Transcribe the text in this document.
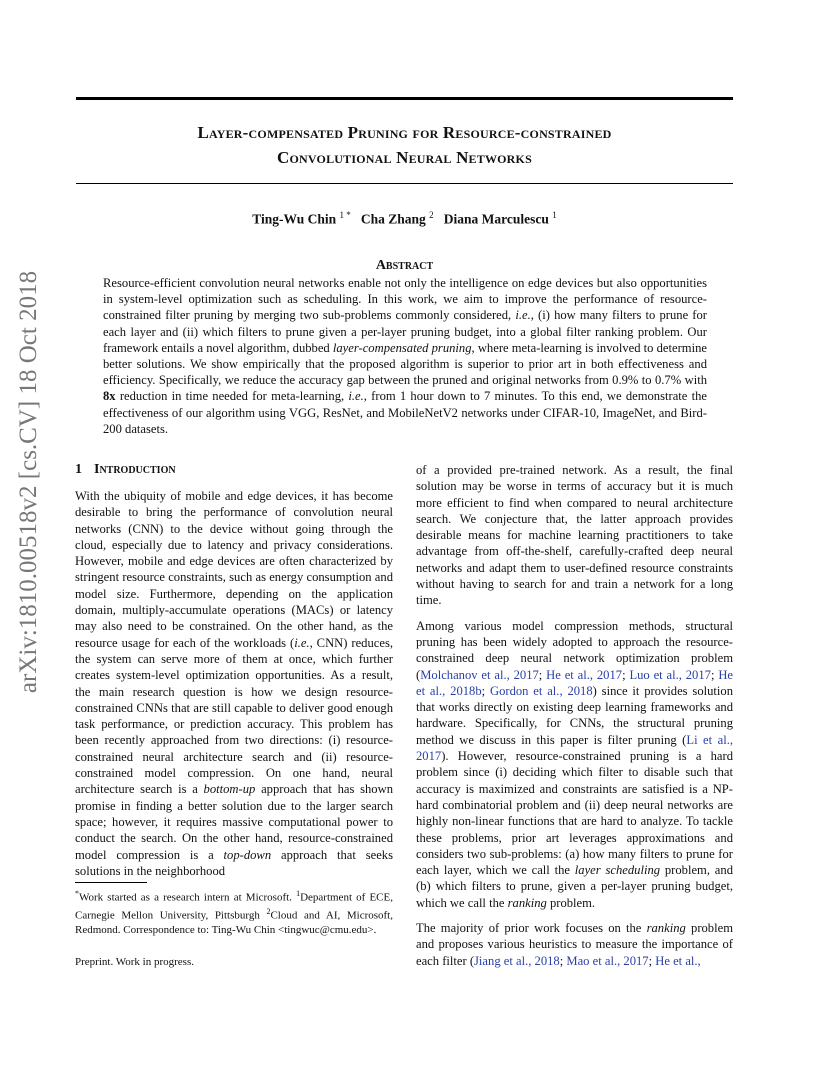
Layer-compensated Pruning for Resource-constrained
Convolutional Neural Networks
Ting-Wu Chin $^{1 *}$ Cha Zhang $^2$ Diana Marculescu $^1$
arXiv:1810.00518v2 [cs.CV] 18 Oct 2018
Abstract
Resource-efficient convolution neural networks enable not only the intelligence on edge devices but also opportunities in system-level optimization such as scheduling. In this work, we aim to improve the performance of resource-constrained filter pruning by merging two sub-problems commonly considered, i.e., (i) how many filters to prune for each layer and (ii) which filters to prune given a per-layer pruning budget, into a global filter ranking problem. Our framework entails a novel algorithm, dubbed layer-compensated pruning, where meta-learning is involved to determine better solutions. We show empirically that the proposed algorithm is superior to prior art in both effectiveness and efficiency. Specifically, we reduce the accuracy gap between the pruned and original networks from 0.9% to 0.7% with 8x reduction in time needed for meta-learning, i.e., from 1 hour down to 7 minutes. To this end, we demonstrate the effectiveness of our algorithm using VGG, ResNet, and MobileNetV2 networks under CIFAR-10, ImageNet, and Bird-200 datasets.
1 Introduction
With the ubiquity of mobile and edge devices, it has become desirable to bring the performance of convolution neural networks (CNN) to the device without going through the cloud, especially due to latency and privacy considerations. However, mobile and edge devices are often characterized by stringent resource constraints, such as energy consumption and model size. Furthermore, depending on the application domain, multiply-accumulate operations (MACs) or latency may also need to be constrained. On the other hand, as the resource usage for each of the workloads (i.e., CNN) reduces, the system can serve more of them at once, which further creates system-level optimization opportunities. As a result, the main research question is how we design resource-constrained CNNs that are still capable to deliver good enough task performance, or prediction accuracy. This problem has been recently approached from two directions: (i) resource-constrained neural architecture search and (ii) resource-constrained model compression. On one hand, neural architecture search is a bottom-up approach that has shown promise in finding a better solution due to the larger search space; however, it requires massive computational power to conduct the search. On the other hand, resource-constrained model compression is a top-down approach that seeks solutions in the neighborhood

of a provided pre-trained network. As a result, the final solution may be worse in terms of accuracy but it is much more efficient to find when compared to neural architecture search. We conjecture that, the latter approach provides desirable means for machine learning practitioners to take advantage from off-the-shelf, carefully-crafted deep neural networks and adapt them to user-defined resource constraints without having to search for and train a network for a long time.

Among various model compression methods, structural pruning has been widely adopted to approach the resource-constrained deep neural network optimization problem (Molchanov et al., 2017; He et al., 2017; Luo et al., 2017; He et al., 2018b; Gordon et al., 2018) since it provides solution that works directly on existing deep learning frameworks and hardware. Specifically, for CNNs, the structural pruning method we discuss in this paper is filter pruning (Li et al., 2017). However, resource-constrained pruning is a hard problem since (i) deciding which filter to disable such that accuracy is maximized and constraints are satisfied is a NP-hard combinatorial problem and (ii) deep neural networks are highly non-linear functions that are hard to analyze. To tackle these problems, prior art leverages approximations and considers two sub-problems: (a) how many filters to prune for each layer, which we call the layer scheduling problem, and (b) which filters to prune, given a per-layer pruning budget, which we call the ranking problem.

The majority of prior work focuses on the ranking problem and proposes various heuristics to measure the importance of each filter (Jiang et al., 2018; Mao et al., 2017; He et al.,

*Work started as a research intern at Microsoft. $^1$Department of ECE, Carnegie Mellon University, Pittsburgh $^2$Cloud and AI, Microsoft, Redmond. Correspondence to: Ting-Wu Chin <tingwuc@cmu.edu>.
Preprint. Work in progress.
